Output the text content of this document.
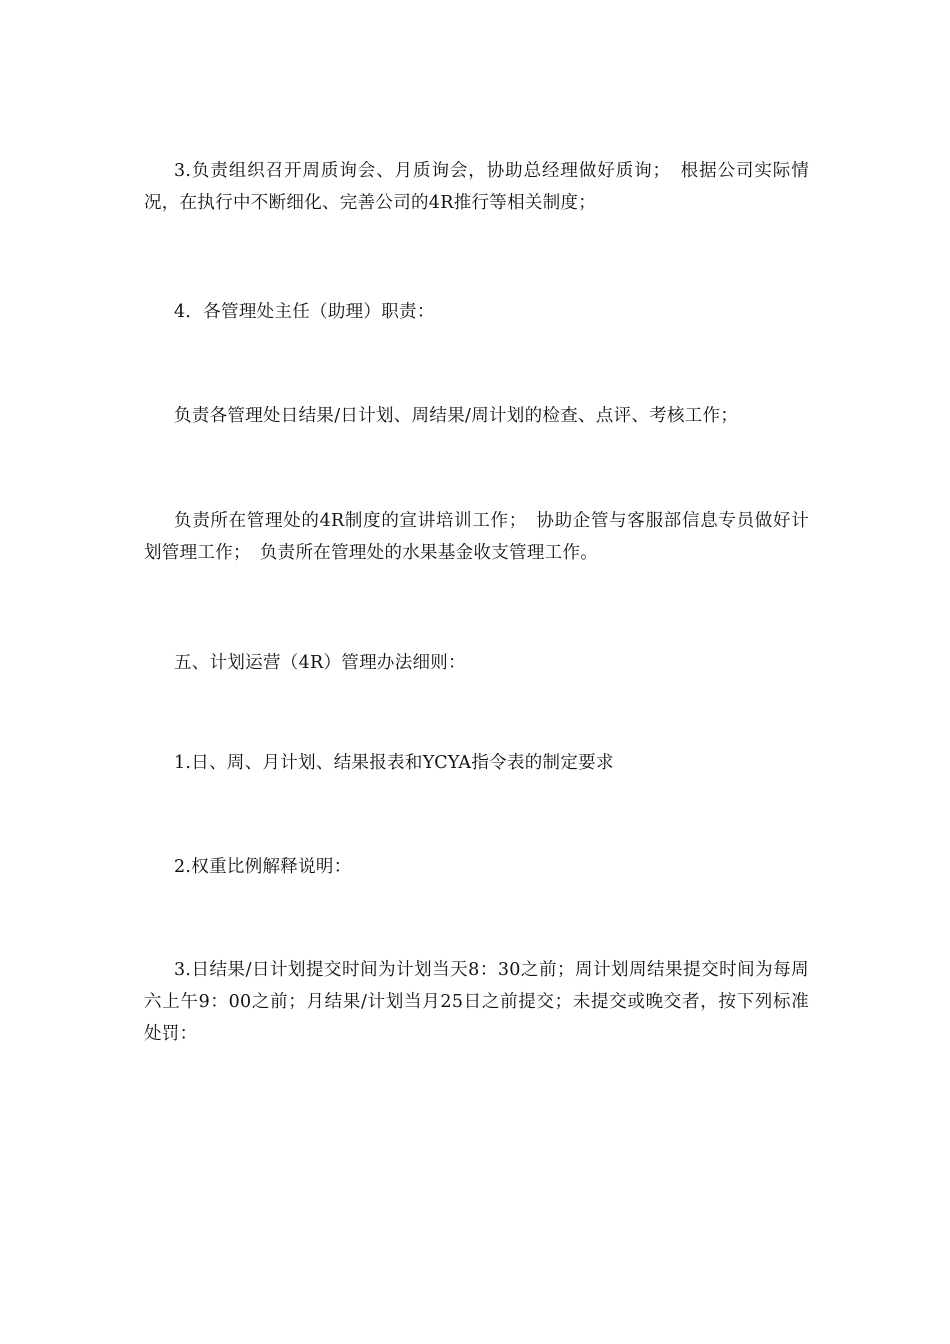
3.负责组织召开周质询会、月质询会，协助总经理做好质询；　根据公司实际情况，在执行中不断细化、完善公司的4R推行等相关制度；

4．各管理处主任（助理）职责：

负责各管理处日结果/日计划、周结果/周计划的检查、点评、考核工作；

负责所在管理处的4R制度的宣讲培训工作；　协助企管与客服部信息专员做好计划管理工作；　负责所在管理处的水果基金收支管理工作。

五、计划运营（4R）管理办法细则：

1.日、周、月计划、结果报表和YCYA指令表的制定要求

2.权重比例解释说明：

3.日结果/日计划提交时间为计划当天8：30之前；周计划周结果提交时间为每周六上午9：00之前；月结果/计划当月25日之前提交；未提交或晚交者，按下列标准处罚：
